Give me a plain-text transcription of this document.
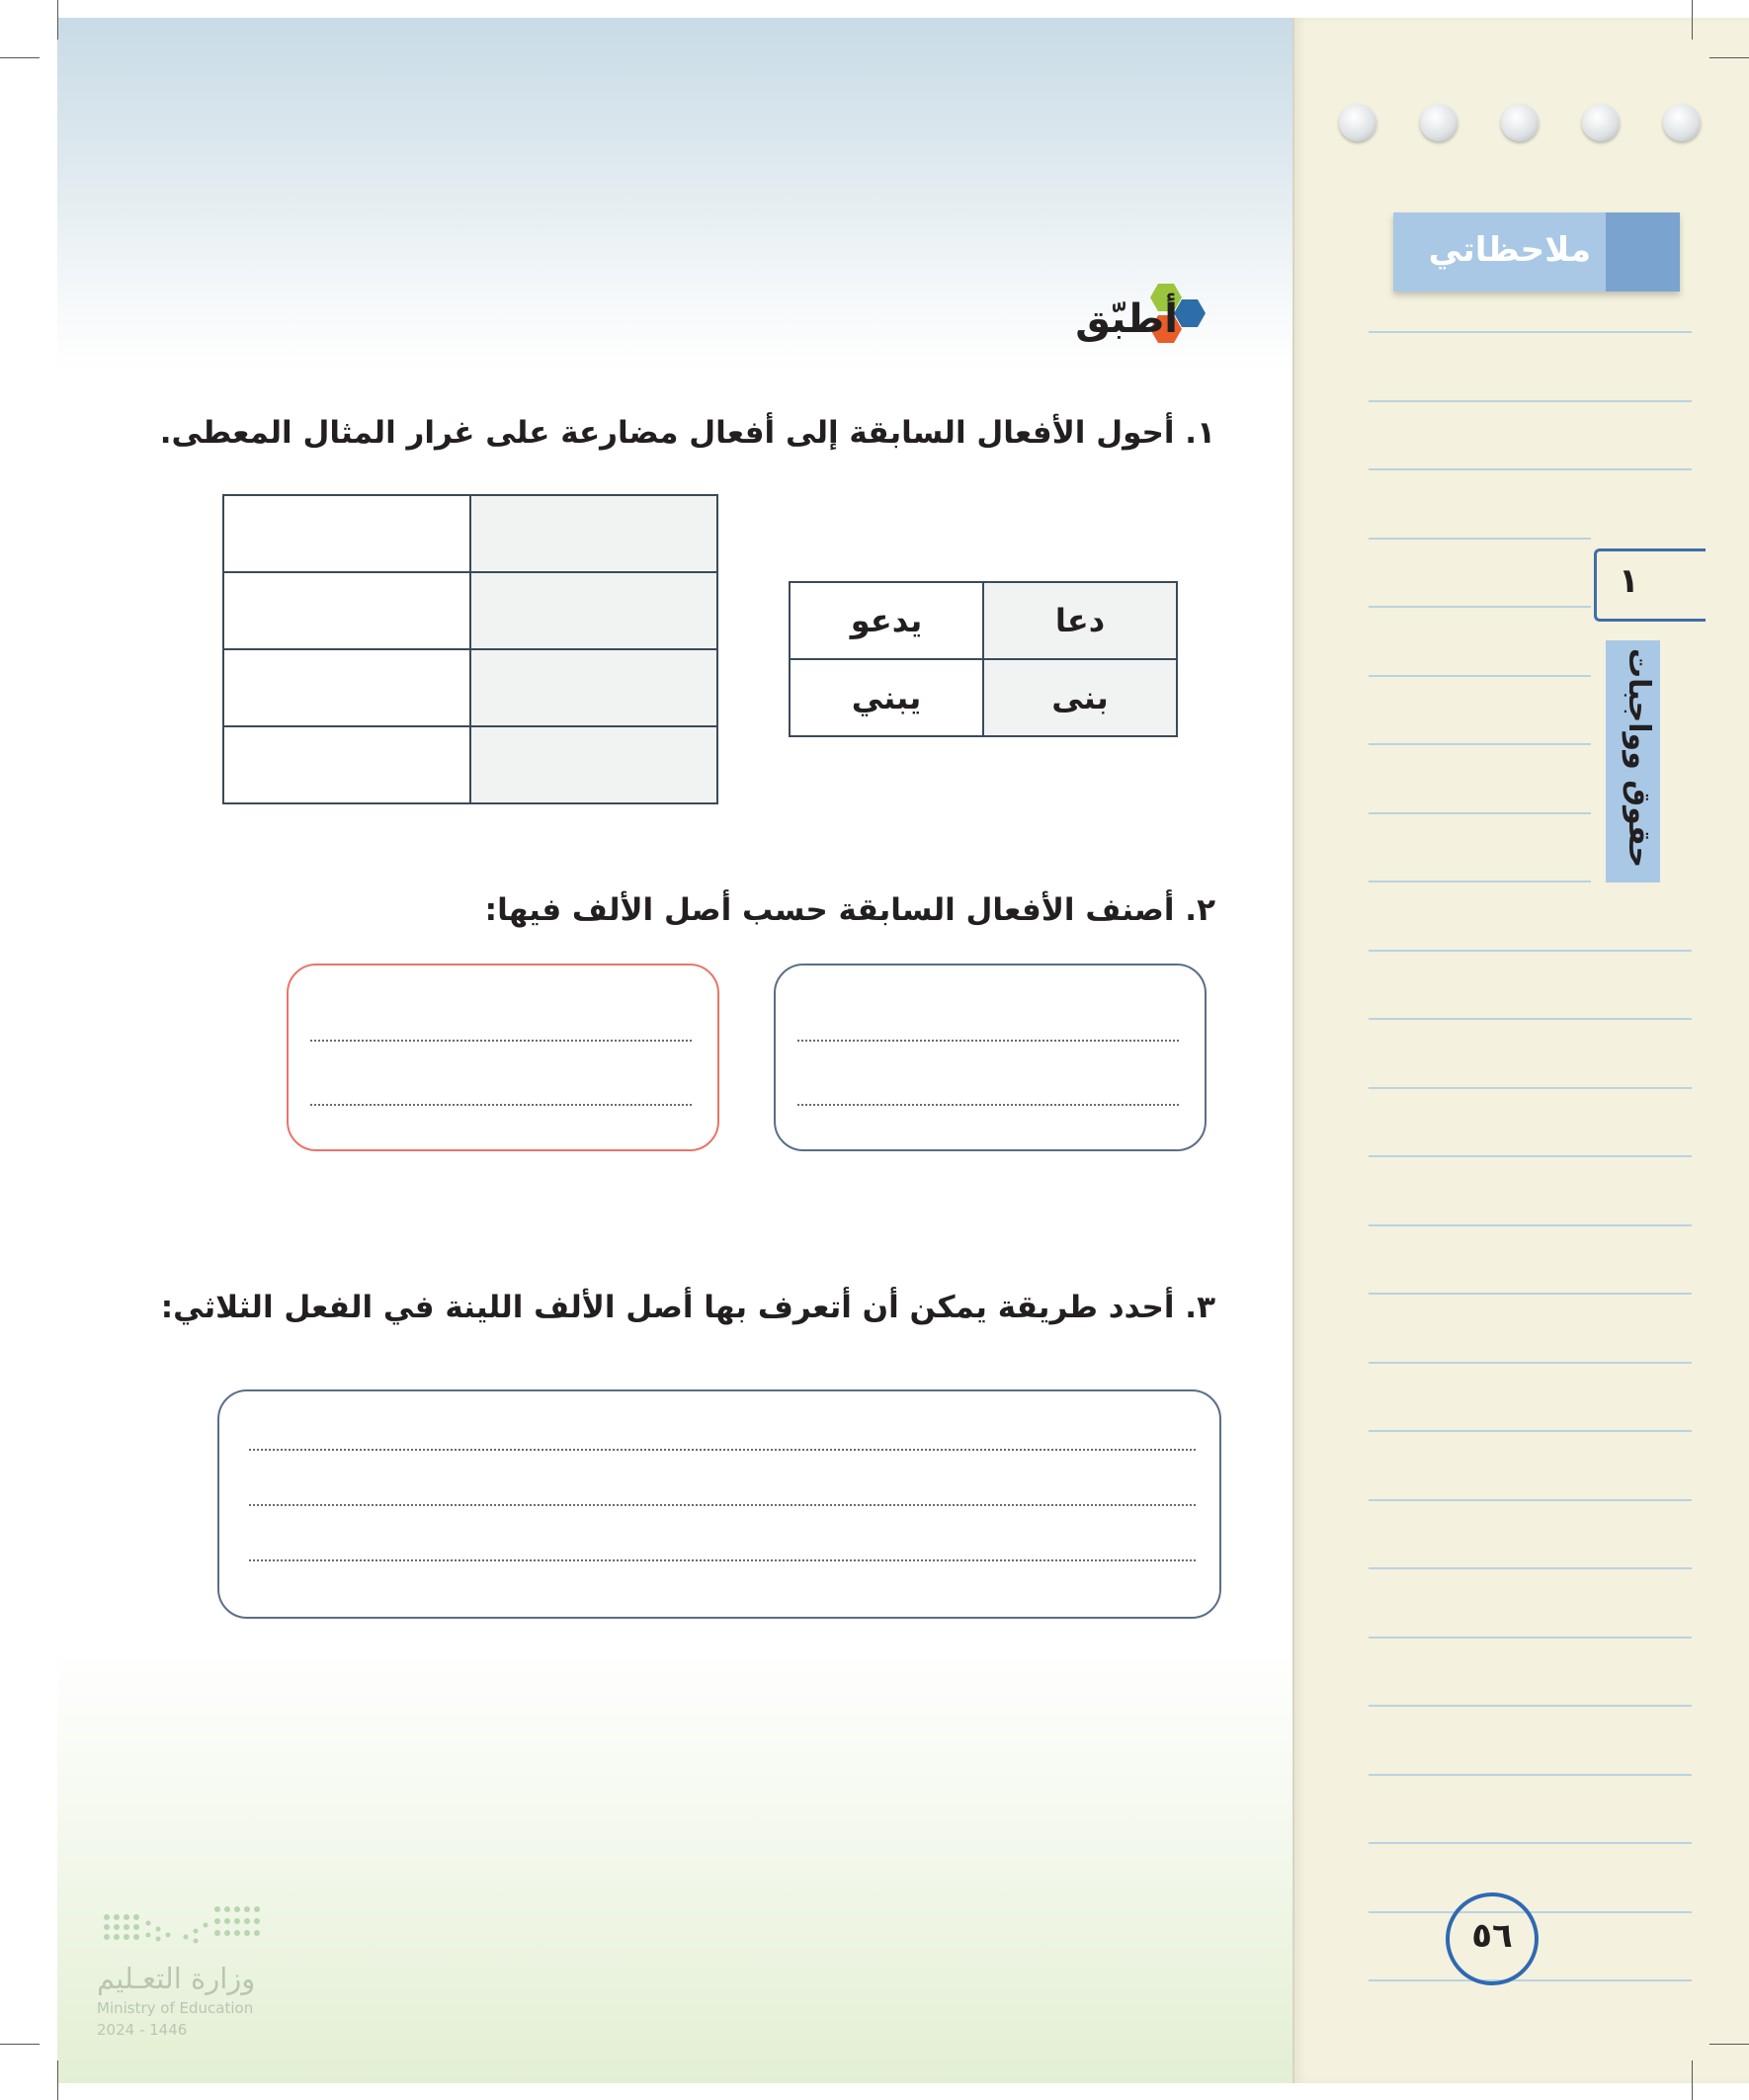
ملاحظاتي
١
حقوق وواجبات
٥٦
أطبّق
١. أحول الأفعال السابقة إلى أفعال مضارعة على غرار المثال المعطى.

يدعو	دعا
يبني	بنى
٢. أصنف الأفعال السابقة حسب أصل الألف فيها:
٣. أحدد طريقة يمكن أن أتعرف بها أصل الألف اللينة في الفعل الثلاثي:
وزارة التعـليم
Ministry of Education
2024 - 1446
